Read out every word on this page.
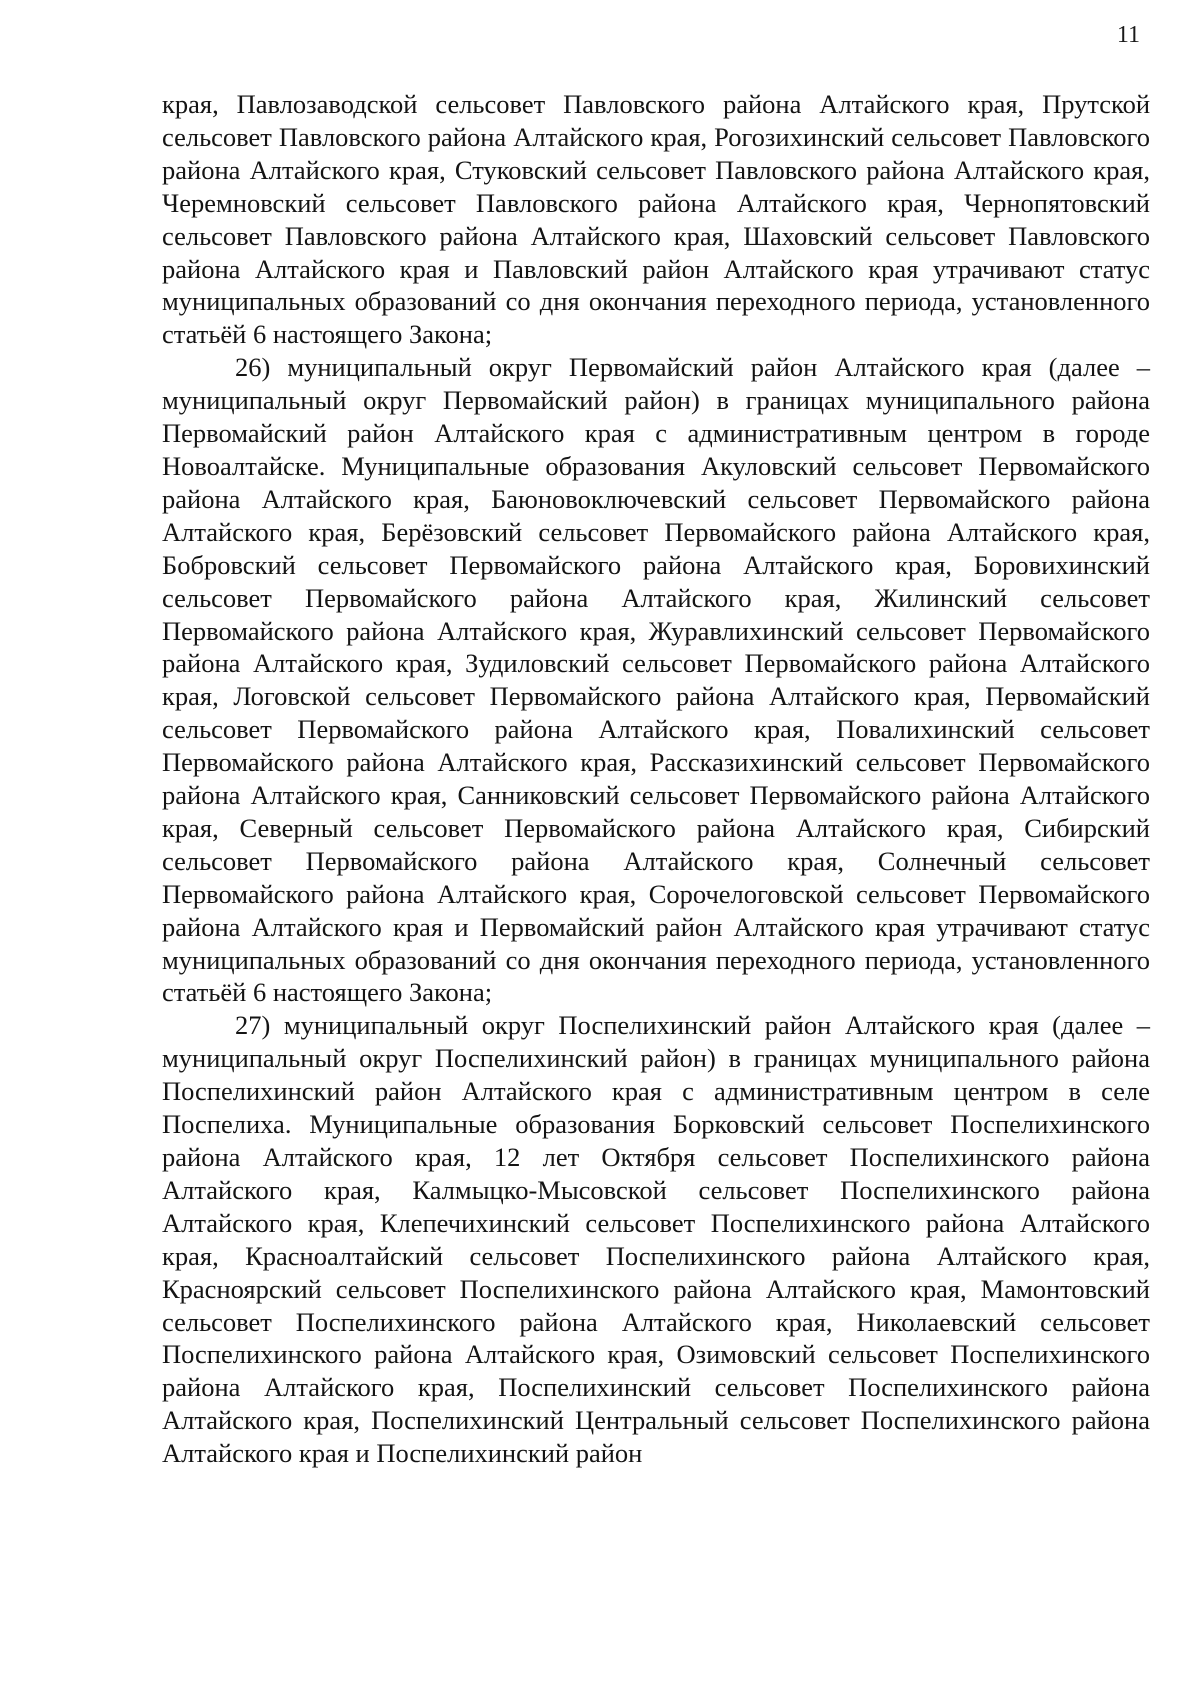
11

края, Павлозаводской сельсовет Павловского района Алтайского края, Прутской сельсовет Павловского района Алтайского края, Рогозихинский сельсовет Павловского района Алтайского края, Стуковский сельсовет Павловского района Алтайского края, Черемновский сельсовет Павловского района Алтайского края, Чернопятовский сельсовет Павловского района Алтайского края, Шаховский сельсовет Павловского района Алтайского края и Павловский район Алтайского края утрачивают статус муниципальных образований со дня окончания переходного периода, установленного статьёй 6 настоящего Закона;

26) муниципальный округ Первомайский район Алтайского края (далее – муниципальный округ Первомайский район) в границах муниципального района Первомайский район Алтайского края с административным центром в городе Новоалтайске. Муниципальные образования Акуловский сельсовет Первомайского района Алтайского края, Баюновоключевский сельсовет Первомайского района Алтайского края, Берёзовский сельсовет Первомайского района Алтайского края, Бобровский сельсовет Первомайского района Алтайского края, Боровихинский сельсовет Первомайского района Алтайского края, Жилинский сельсовет Первомайского района Алтайского края, Журавлихинский сельсовет Первомайского района Алтайского края, Зудиловский сельсовет Первомайского района Алтайского края, Логовской сельсовет Первомайского района Алтайского края, Первомайский сельсовет Первомайского района Алтайского края, Повалихинский сельсовет Первомайского района Алтайского края, Рассказихинский сельсовет Первомайского района Алтайского края, Санниковский сельсовет Первомайского района Алтайского края, Северный сельсовет Первомайского района Алтайского края, Сибирский сельсовет Первомайского района Алтайского края, Солнечный сельсовет Первомайского района Алтайского края, Сорочелоговской сельсовет Первомайского района Алтайского края и Первомайский район Алтайского края утрачивают статус муниципальных образований со дня окончания переходного периода, установленного статьёй 6 настоящего Закона;

27) муниципальный округ Поспелихинский район Алтайского края (далее – муниципальный округ Поспелихинский район) в границах муниципального района Поспелихинский район Алтайского края с административным центром в селе Поспелиха. Муниципальные образования Борковский сельсовет Поспелихинского района Алтайского края, 12 лет Октября сельсовет Поспелихинского района Алтайского края, Калмыцко-Мысовской сельсовет Поспелихинского района Алтайского края, Клепечихинский сельсовет Поспелихинского района Алтайского края, Красноалтайский сельсовет Поспелихинского района Алтайского края, Красноярский сельсовет Поспелихинского района Алтайского края, Мамонтовский сельсовет Поспелихинского района Алтайского края, Николаевский сельсовет Поспелихинского района Алтайского края, Озимовский сельсовет Поспелихинского района Алтайского края, Поспелихинский сельсовет Поспелихинского района Алтайского края, Поспелихинский Центральный сельсовет Поспелихинского района Алтайского края и Поспелихинский район
